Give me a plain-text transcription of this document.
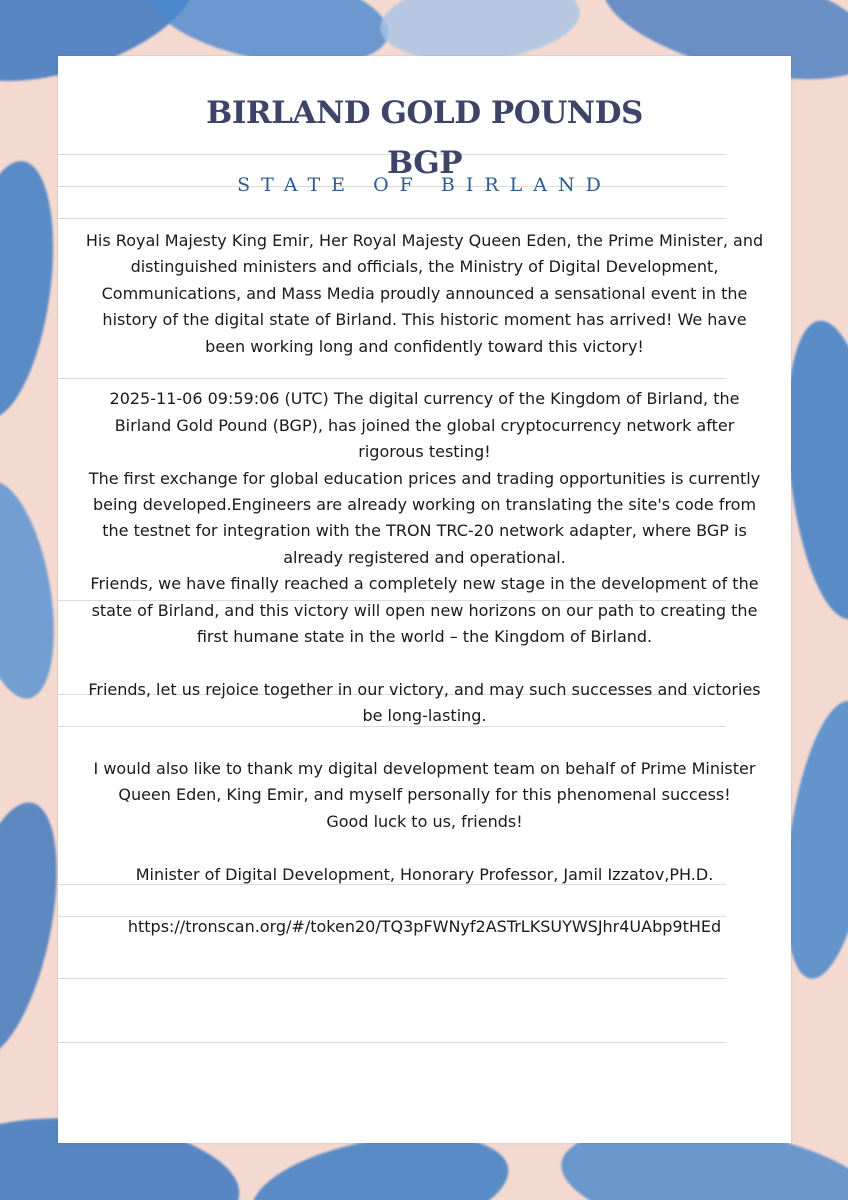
BIRLAND GOLD POUNDS
BGP
STATE OF BIRLAND

His Royal Majesty King Emir, Her Royal Majesty Queen Eden, the Prime Minister, and distinguished ministers and officials, the Ministry of Digital Development, Communications, and Mass Media proudly announced a sensational event in the history of the digital state of Birland. This historic moment has arrived! We have been working long and confidently toward this victory!

2025-11-06 09:59:06 (UTC) The digital currency of the Kingdom of Birland, the Birland Gold Pound (BGP), has joined the global cryptocurrency network after rigorous testing!

The first exchange for global education prices and trading opportunities is currently being developed.Engineers are already working on translating the site's code from the testnet for integration with the TRON TRC-20 network adapter, where BGP is already registered and operational.

Friends, we have finally reached a completely new stage in the development of the state of Birland, and this victory will open new horizons on our path to creating the first humane state in the world – the Kingdom of Birland.

Friends, let us rejoice together in our victory, and may such successes and victories be long-lasting.

I would also like to thank my digital development team on behalf of Prime Minister Queen Eden, King Emir, and myself personally for this phenomenal success!

Good luck to us, friends!

Minister of Digital Development, Honorary Professor, Jamil Izzatov,PH.D.

https://tronscan.org/#/token20/TQ3pFWNyf2ASTrLKSUYWSJhr4UAbp9tHEd
